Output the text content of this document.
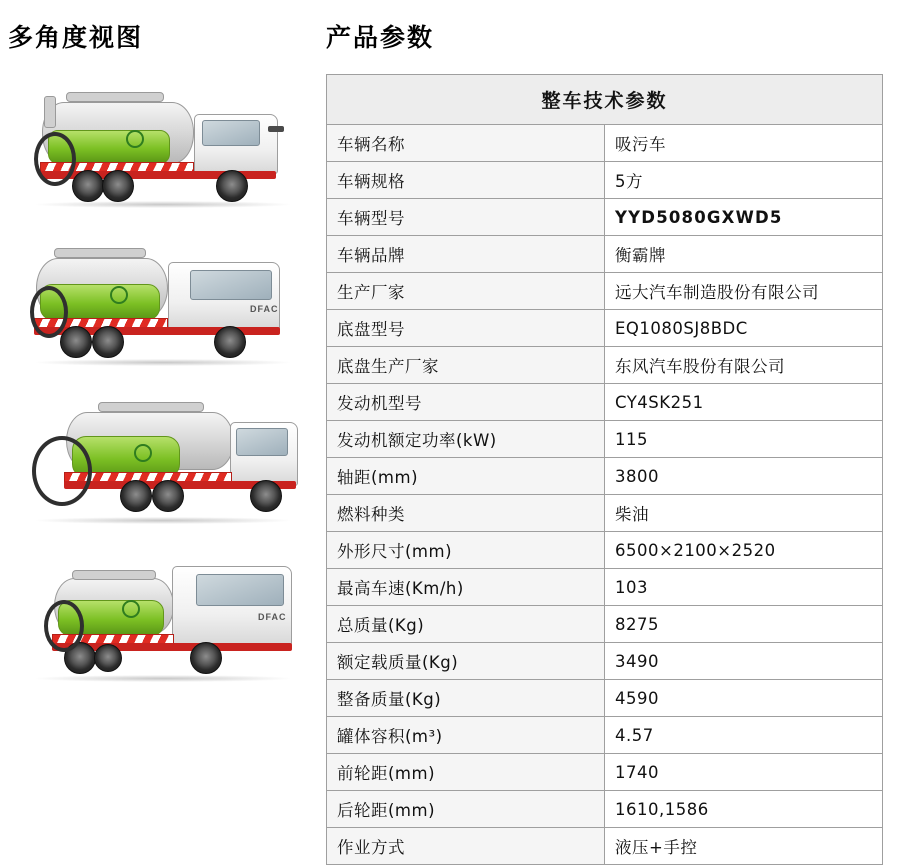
多角度视图
DFAC
DFAC
产品参数
整车技术参数	
车辆名称	吸污车
车辆规格	5方
车辆型号	YYD5080GXWD5
车辆品牌	衡霸牌
生产厂家	远大汽车制造股份有限公司
底盘型号	EQ1080SJ8BDC
底盘生产厂家	东风汽车股份有限公司
发动机型号	CY4SK251
发动机额定功率(kW)	115
轴距(mm)	3800
燃料种类	柴油
外形尺寸(mm)	6500×2100×2520
最高车速(Km/h)	103
总质量(Kg)	8275
额定载质量(Kg)	3490
整备质量(Kg)	4590
罐体容积(m³)	4.57
前轮距(mm)	1740
后轮距(mm)	1610,1586
作业方式	液压+手控
